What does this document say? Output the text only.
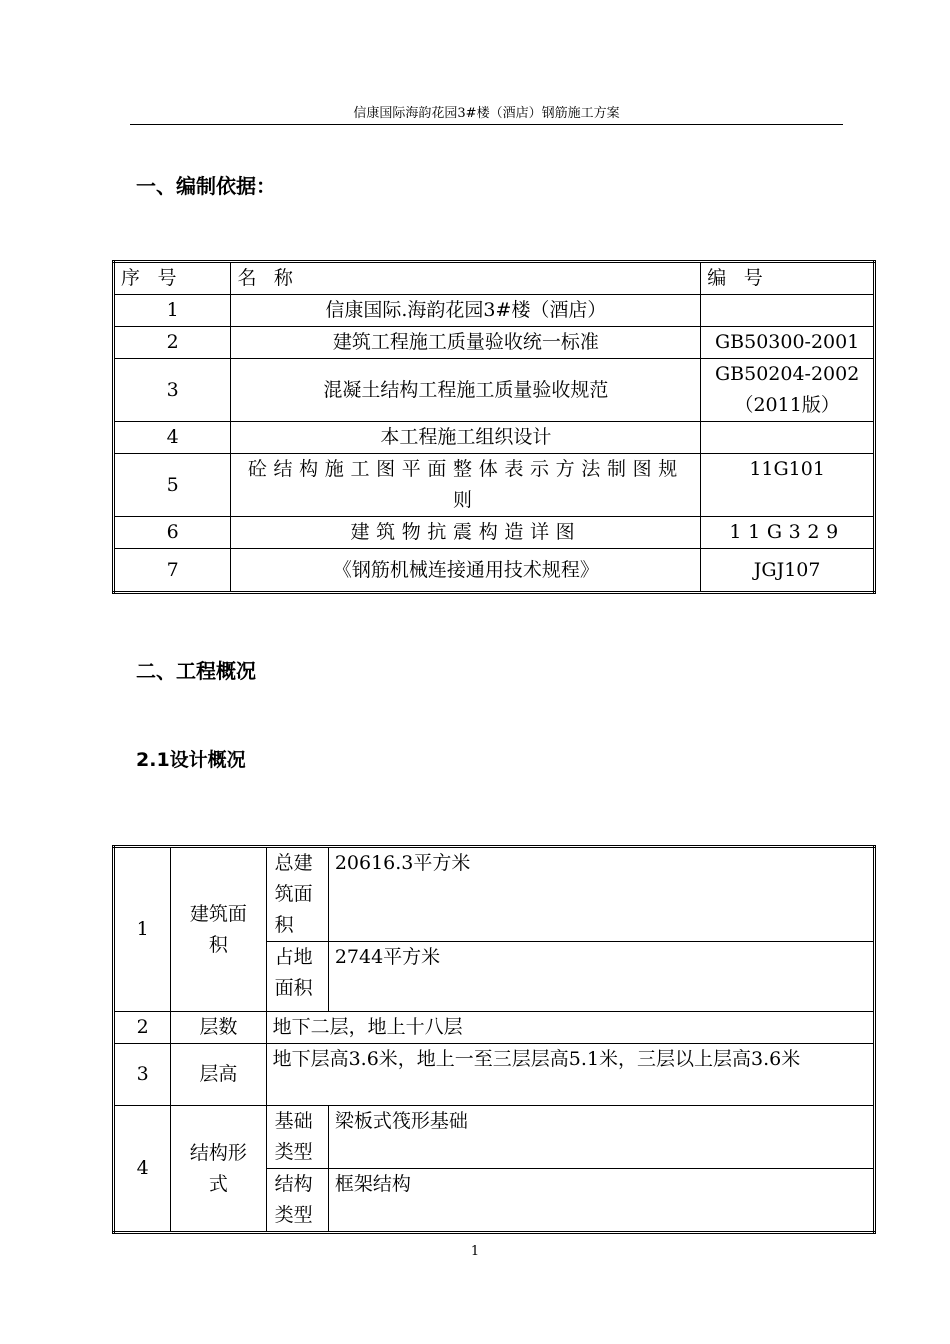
信康国际海韵花园3#楼（酒店）钢筋施工方案
一、编制依据：
序 号	名 称	编 号
1	信康国际.海韵花园3#楼（酒店）	
2	建筑工程施工质量验收统一标准	GB50300-2001
3	混凝土结构工程施工质量验收规范	GB50204-2002（2011版）
4	本工程施工组织设计	
5	砼结构施工图平面整体表示方法制图规则	11G101
6	建筑物抗震构造详图	11G329
7	《钢筋机械连接通用技术规程》	JGJ107
二、工程概况
2.1设计概况
1	建筑面积	总建筑面积	20616.3平方米
		占地面积	2744平方米
2	层数	地下二层，地上十八层	
3	层高	地下层高3.6米，地上一至三层层高5.1米，三层以上层高3.6米	
4	结构形式	基础类型	梁板式筏形基础
		结构类型	框架结构
1
